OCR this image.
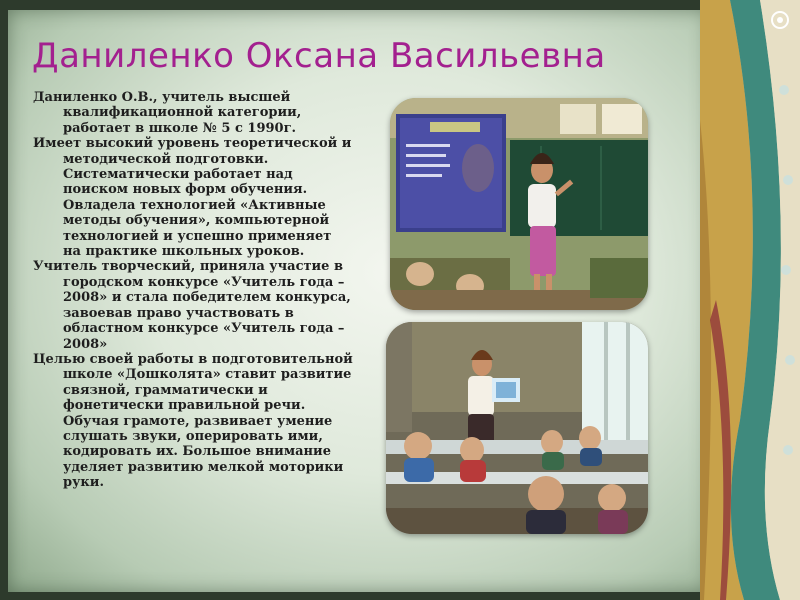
Даниленко Оксана Васильевна

Даниленко О.В., учитель высшей квалификационной категории, работает в школе № 5 с 1990г.

Имеет высокий уровень теоретической и методической подготовки. Систематически работает над поиском новых форм обучения. Овладела технологией «Активные методы обучения», компьютерной технологией и успешно применяет на практике школьных уроков.

Учитель творческий, приняла участие в городском конкурсе «Учитель года – 2008» и стала победителем конкурса, завоевав право участвовать в областном конкурсе «Учитель года – 2008»

Целью своей работы в подготовительной школе «Дошколята» ставит развитие связной, грамматически и фонетически правильной речи. Обучая грамоте, развивает умение слушать звуки, оперировать ими, кодировать их. Большое внимание уделяет развитию мелкой моторики руки.
